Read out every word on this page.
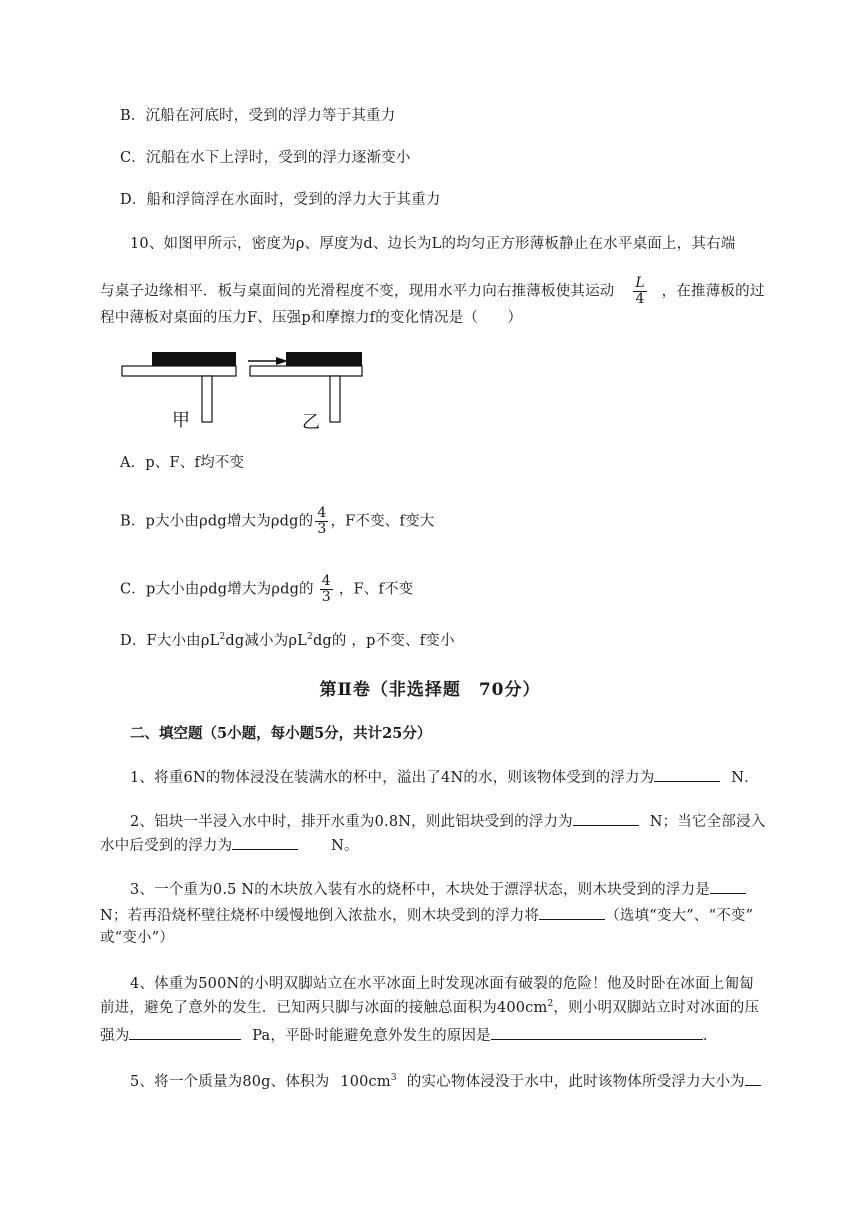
B．沉船在河底时，受到的浮力等于其重力
C．沉船在水下上浮时，受到的浮力逐渐变小
D．船和浮筒浮在水面时，受到的浮力大于其重力
10、如图甲所示，密度为ρ、厚度为d、边长为L的均匀正方形薄板静止在水平桌面上，其右端
与桌子边缘相平．板与桌面间的光滑程度不变，现用水平力向右推薄板使其运动 $\frac{L}{4}$ ，在推薄板的过
程中薄板对桌面的压力F、压强p和摩擦力f的变化情况是（　　）
甲	乙
A．p、F、f均不变
B．p大小由ρdg增大为ρdg的 $\frac{4}{3}$ ，F不变、f变大
C．p大小由ρdg增大为ρdg的 $\frac{4}{3}$ ，F、f不变
D．F大小由$\rho L^2dg$减小为$\rho L^2dg$的 ，p不变、f变小
第Ⅱ卷（非选择题　70分）
二、填空题（5小题，每小题5分，共计25分）
1、将重6N的物体浸没在装满水的杯中，溢出了4N的水，则该物体受到的浮力为	N．
2、铝块一半浸入水中时，排开水重为0.8N，则此铝块受到的浮力为	N；当它全部浸入
水中后受到的浮力为	N。
3、一个重为0.5 N的木块放入装有水的烧杯中，木块处于漂浮状态，则木块受到的浮力是
N；若再沿烧杯壁往烧杯中缓慢地倒入浓盐水，则木块受到的浮力将	（选填“变大”、“不变”
或“变小”）
4、体重为500N的小明双脚站立在水平冰面上时发现冰面有破裂的危险！他及时卧在冰面上匍匐
前进，避免了意外的发生．已知两只脚与冰面的接触总面积为$400cm^2$，则小明双脚站立时对冰面的压
强为	Pa，平卧时能避免意外发生的原因是	.
5、将一个质量为80g、体积为 $100cm^3$ 的实心物体浸没于水中，此时该物体所受浮力大小为
